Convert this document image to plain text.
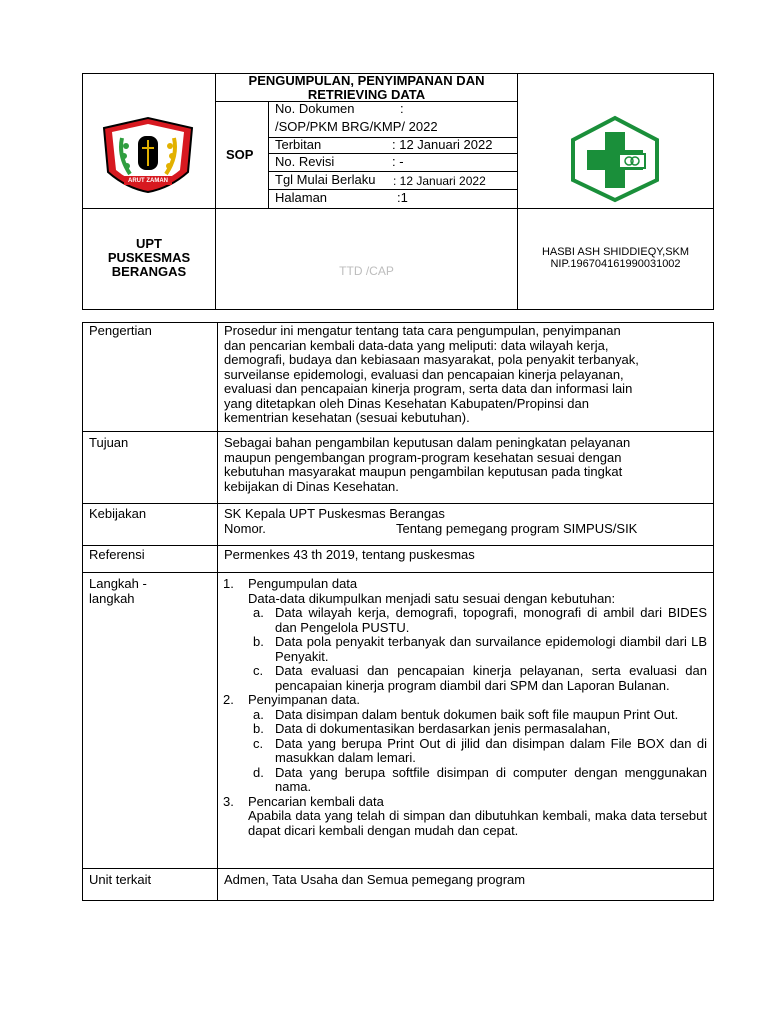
PENGUMPULAN, PENYIMPANAN DAN
RETRIEVING DATA
SOP
No. Dokumen	:
/SOP/PKM BRG/KMP/ 2022
Terbitan	: 12 Januari 2022
No. Revisi	: -
Tgl Mulai Berlaku : 12 Januari 2022
Halaman	:1
UPT
PUSKESMAS
BERANGAS	TTD /CAP
HASBI ASH SHIDDIEQY,SKM
NIP.196704161990031002
ARUT ZAMAN
Pengertian	Prosedur ini mengatur tentang tata cara pengumpulan, penyimpanan
dan pencarian kembali data-data yang meliputi: data wilayah kerja,
demografi, budaya dan kebiasaan masyarakat, pola penyakit terbanyak,
surveilanse epidemologi, evaluasi dan pencapaian kinerja pelayanan,
evaluasi dan pencapaian kinerja program, serta data dan informasi lain
yang ditetapkan oleh Dinas Kesehatan Kabupaten/Propinsi dan
kementrian kesehatan (sesuai kebutuhan).
Tujuan	Sebagai bahan pengambilan keputusan dalam peningkatan pelayanan
maupun pengembangan program-program kesehatan sesuai dengan
kebutuhan masyarakat maupun pengambilan keputusan pada tingkat
kebijakan di Dinas Kesehatan.
Kebijakan	SK Kepala UPT Puskesmas Berangas
Nomor.	Tentang pemegang program SIMPUS/SIK
Referensi	Permenkes 43 th 2019, tentang puskesmas
Langkah -
langkah
1. Pengumpulan data
Data-data dikumpulkan menjadi satu sesuai dengan kebutuhan:
a. Data wilayah kerja, demografi, topografi, monografi di ambil dari BIDES dan Pengelola PUSTU.
b. Data pola penyakit terbanyak dan survailance epidemologi diambil dari LB Penyakit.
c. Data evaluasi dan pencapaian kinerja pelayanan, serta evaluasi dan pencapaian kinerja program diambil dari SPM dan Laporan Bulanan.
2. Penyimpanan data.
a. Data disimpan dalam bentuk dokumen baik soft file maupun Print Out.
b. Data di dokumentasikan berdasarkan jenis permasalahan,
c. Data yang berupa Print Out di jilid dan disimpan dalam File BOX dan di masukkan dalam lemari.
d. Data yang berupa softfile disimpan di computer dengan menggunakan nama.
3. Pencarian kembali data
Apabila data yang telah di simpan dan dibutuhkan kembali, maka data tersebut dapat dicari kembali dengan mudah dan cepat.
Unit terkait	Admen, Tata Usaha dan Semua pemegang program
